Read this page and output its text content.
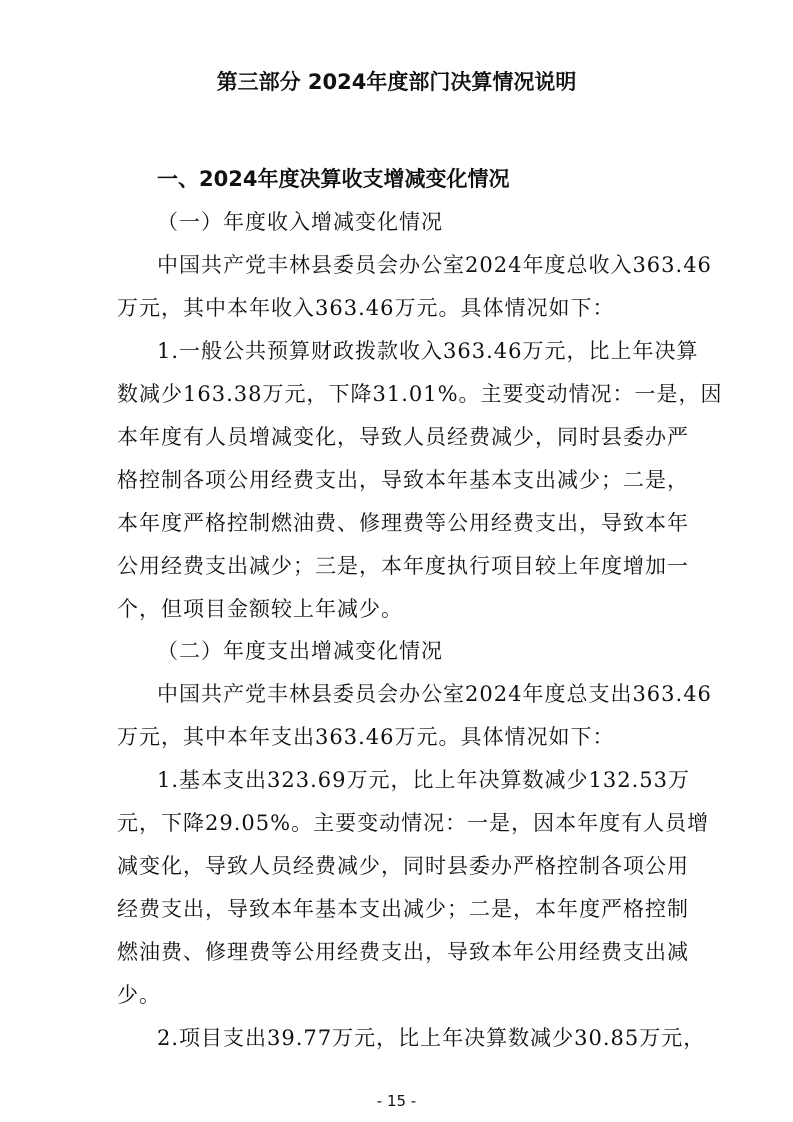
第三部分 2024年度部门决算情况说明
一、2024年度决算收支增减变化情况
（一）年度收入增减变化情况
中国共产党丰林县委员会办公室2024年度总收入363.46
万元，其中本年收入363.46万元。具体情况如下：
1.一般公共预算财政拨款收入363.46万元，比上年决算
数减少163.38万元，下降31.01%。主要变动情况：一是，因
本年度有人员增减变化，导致人员经费减少，同时县委办严
格控制各项公用经费支出，导致本年基本支出减少；二是，
本年度严格控制燃油费、修理费等公用经费支出，导致本年
公用经费支出减少；三是，本年度执行项目较上年度增加一
个，但项目金额较上年减少。
（二）年度支出增减变化情况
中国共产党丰林县委员会办公室2024年度总支出363.46
万元，其中本年支出363.46万元。具体情况如下：
1.基本支出323.69万元，比上年决算数减少132.53万
元，下降29.05%。主要变动情况：一是，因本年度有人员增
减变化，导致人员经费减少，同时县委办严格控制各项公用
经费支出，导致本年基本支出减少；二是，本年度严格控制
燃油费、修理费等公用经费支出，导致本年公用经费支出减
少。
2.项目支出39.77万元，比上年决算数减少30.85万元，
- 15 -
